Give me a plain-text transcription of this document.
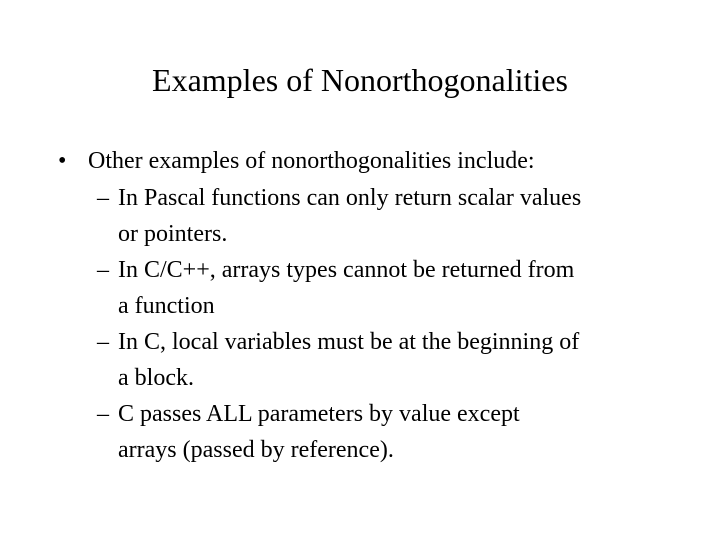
Examples of Nonorthogonalities
• Other examples of nonorthogonalities include:
– In Pascal functions can only return scalar values
or pointers.
– In C/C++, arrays types cannot be returned from
a function
– In C, local variables must be at the beginning of
a block.
– C passes ALL parameters by value except
arrays (passed by reference).
